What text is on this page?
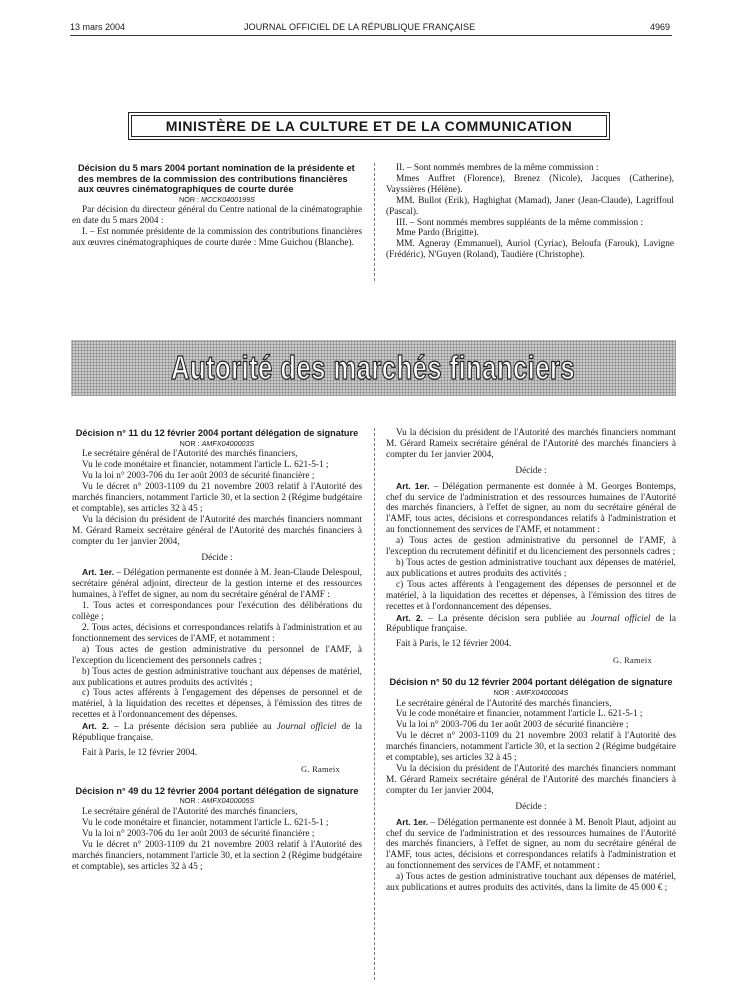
13 mars 2004	JOURNAL OFFICIEL DE LA RÉPUBLIQUE FRANÇAISE	4969
MINISTÈRE DE LA CULTURE ET DE LA COMMUNICATION

Décision du 5 mars 2004 portant nomination de la présidente et des membres de la commission des contributions financières aux œuvres cinématographiques de courte durée

NOR : MCCK0400199S

Par décision du directeur général du Centre national de la cinématographie en date du 5 mars 2004 :

I. – Est nommée présidente de la commission des contributions financières aux œuvres cinématographiques de courte durée : Mme Guichou (Blanche).

II. – Sont nommés membres de la même commission :

Mmes Auffret (Florence), Brenez (Nicole), Jacques (Catherine), Vayssières (Hélène).

MM. Bullot (Erik), Haghighat (Mamad), Janer (Jean-Claude), Lagriffoul (Pascal).

III. – Sont nommés membres suppléants de la même commission :

Mme Pardo (Brigitte).

MM. Agneray (Emmanuel), Auriol (Cyriac), Beloufa (Farouk), Lavigne (Frédéric), N'Guyen (Roland), Taudière (Christophe).

Autorité des marchés financiers

Décision n° 11 du 12 février 2004 portant délégation de signature

NOR : AMFX0400003S

Le secrétaire général de l'Autorité des marchés financiers,

Vu le code monétaire et financier, notamment l'article L. 621-5-1 ;

Vu la loi n° 2003-706 du 1er août 2003 de sécurité financière ;

Vu le décret n° 2003-1109 du 21 novembre 2003 relatif à l'Autorité des marchés financiers, notamment l'article 30, et la section 2 (Régime budgétaire et comptable), ses articles 32 à 45 ;

Vu la décision du président de l'Autorité des marchés financiers nommant M. Gérard Rameix secrétaire général de l'Autorité des marchés financiers à compter du 1er janvier 2004,

Décide :

Art. 1er. – Délégation permanente est donnée à M. Jean-Claude Delespoul, secrétaire général adjoint, directeur de la gestion interne et des ressources humaines, à l'effet de signer, au nom du secrétaire général de l'AMF :

1. Tous actes et correspondances pour l'exécution des délibérations du collège ;

2. Tous actes, décisions et correspondances relatifs à l'administration et au fonctionnement des services de l'AMF, et notamment :

a) Tous actes de gestion administrative du personnel de l'AMF, à l'exception du licenciement des personnels cadres ;

b) Tous actes de gestion administrative touchant aux dépenses de matériel, aux publications et autres produits des activités ;

c) Tous actes afférents à l'engagement des dépenses de personnel et de matériel, à la liquidation des recettes et dépenses, à l'émission des titres de recettes et à l'ordonnancement des dépenses.

Art. 2. – La présente décision sera publiée au Journal officiel de la République française.

Fait à Paris, le 12 février 2004.

G. Rameix

Décision n° 49 du 12 février 2004 portant délégation de signature

NOR : AMFX0400005S

Le secrétaire général de l'Autorité des marchés financiers,

Vu le code monétaire et financier, notamment l'article L. 621-5-1 ;

Vu la loi n° 2003-706 du 1er août 2003 de sécurité financière ;

Vu le décret n° 2003-1109 du 21 novembre 2003 relatif à l'Autorité des marchés financiers, notamment l'article 30, et la section 2 (Régime budgétaire et comptable), ses articles 32 à 45 ;

Vu la décision du président de l'Autorité des marchés financiers nommant M. Gérard Rameix secrétaire général de l'Autorité des marchés financiers à compter du 1er janvier 2004,

Décide :

Art. 1er. – Délégation permanente est donnée à M. Georges Bontemps, chef du service de l'administration et des ressources humaines de l'Autorité des marchés financiers, à l'effet de signer, au nom du secrétaire général de l'AMF, tous actes, décisions et correspondances relatifs à l'administration et au fonctionnement des services de l'AMF, et notamment :

a) Tous actes de gestion administrative du personnel de l'AMF, à l'exception du recrutement définitif et du licenciement des personnels cadres ;

b) Tous actes de gestion administrative touchant aux dépenses de matériel, aux publications et autres produits des activités ;

c) Tous actes afférents à l'engagement des dépenses de personnel et de matériel, à la liquidation des recettes et dépenses, à l'émission des titres de recettes et à l'ordonnancement des dépenses.

Art. 2. – La présente décision sera publiée au Journal officiel de la République française.

Fait à Paris, le 12 février 2004.

G. Rameix

Décision n° 50 du 12 février 2004 portant délégation de signature

NOR : AMFX0400004S

Le secrétaire général de l'Autorité des marchés financiers,

Vu le code monétaire et financier, notamment l'article L. 621-5-1 ;

Vu la loi n° 2003-706 du 1er août 2003 de sécurité financière ;

Vu le décret n° 2003-1109 du 21 novembre 2003 relatif à l'Autorité des marchés financiers, notamment l'article 30, et la section 2 (Régime budgétaire et comptable), ses articles 32 à 45 ;

Vu la décision du président de l'Autorité des marchés financiers nommant M. Gérard Rameix secrétaire général de l'Autorité des marchés financiers à compter du 1er janvier 2004,

Décide :

Art. 1er. – Délégation permanente est donnée à M. Benoît Plaut, adjoint au chef du service de l'administration et des ressources humaines de l'Autorité des marchés financiers, à l'effet de signer, au nom du secrétaire général de l'AMF, tous actes, décisions et correspondances relatifs à l'administration et au fonctionnement des services de l'AMF, et notamment :

a) Tous actes de gestion administrative touchant aux dépenses de matériel, aux publications et autres produits des activités, dans la limite de 45 000 € ;
